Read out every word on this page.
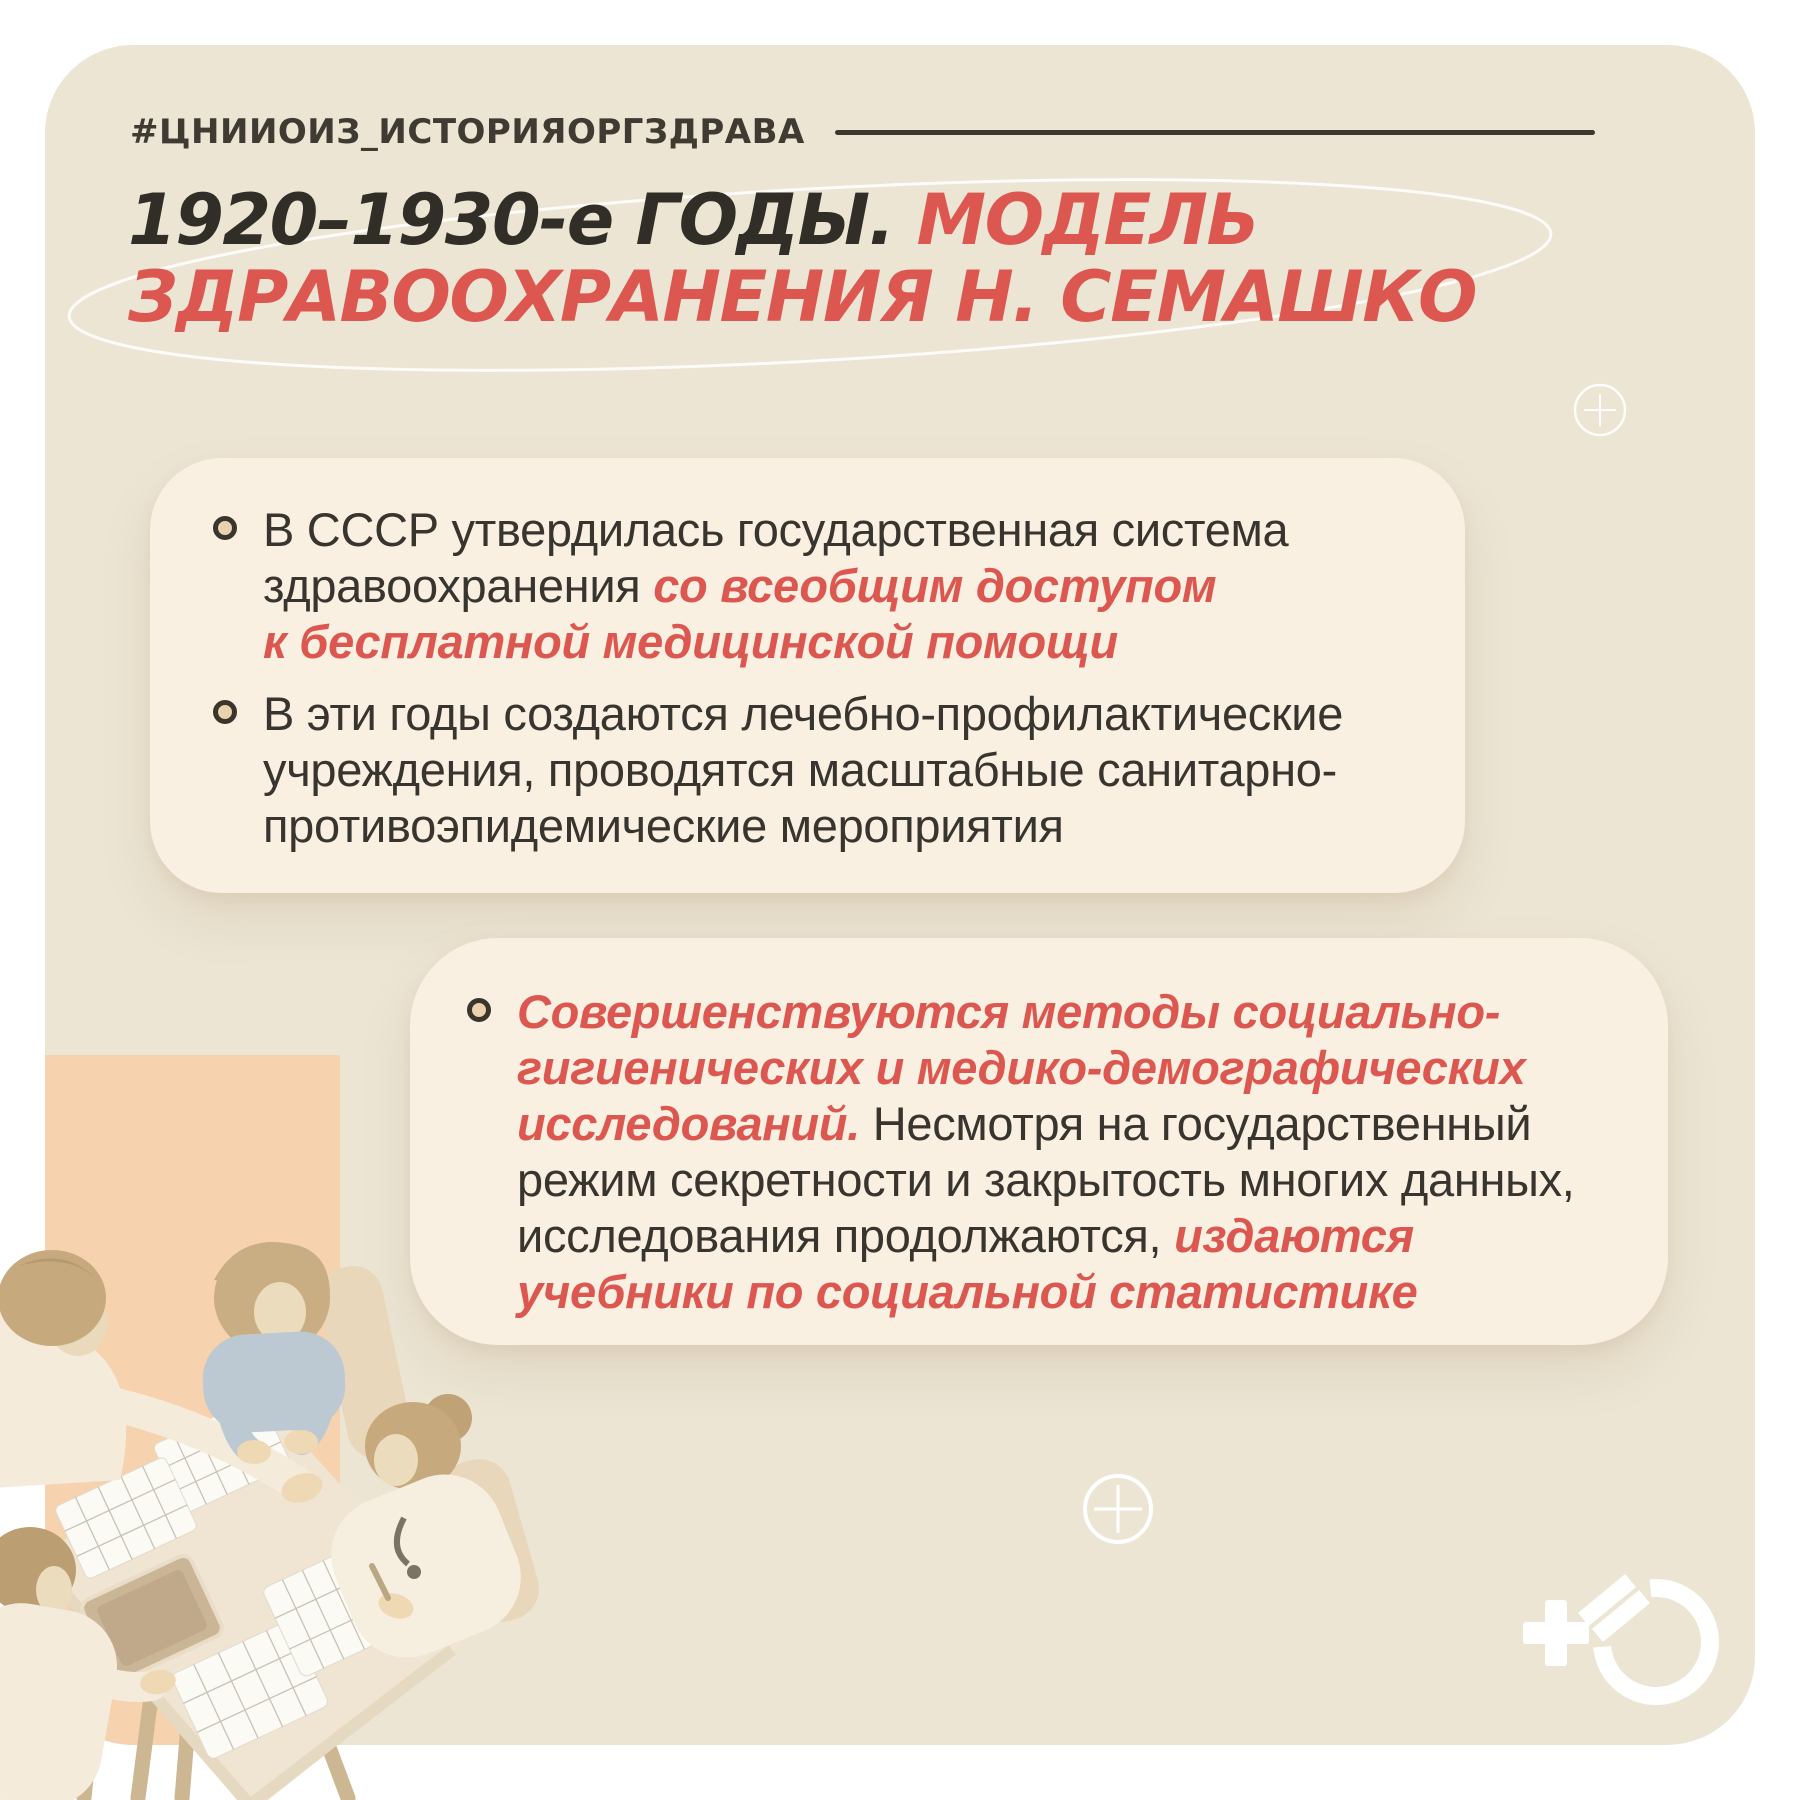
#ЦНИИОИЗ_ИСТОРИЯОРГЗДРАВА
1920–1930-е ГОДЫ. МОДЕЛЬ
ЗДРАВООХРАНЕНИЯ Н. СЕМАШКО
В СССР утвердилась государственная система
здравоохранения со всеобщим доступом
к бесплатной медицинской помощи
В эти годы создаются лечебно-профилактические
учреждения, проводятся масштабные санитарно-
противоэпидемические мероприятия
Совершенствуются методы социально-
гигиенических и медико-демографических
исследований. Несмотря на государственный
режим секретности и закрытость многих данных,
исследования продолжаются, издаются
учебники по социальной статистике
